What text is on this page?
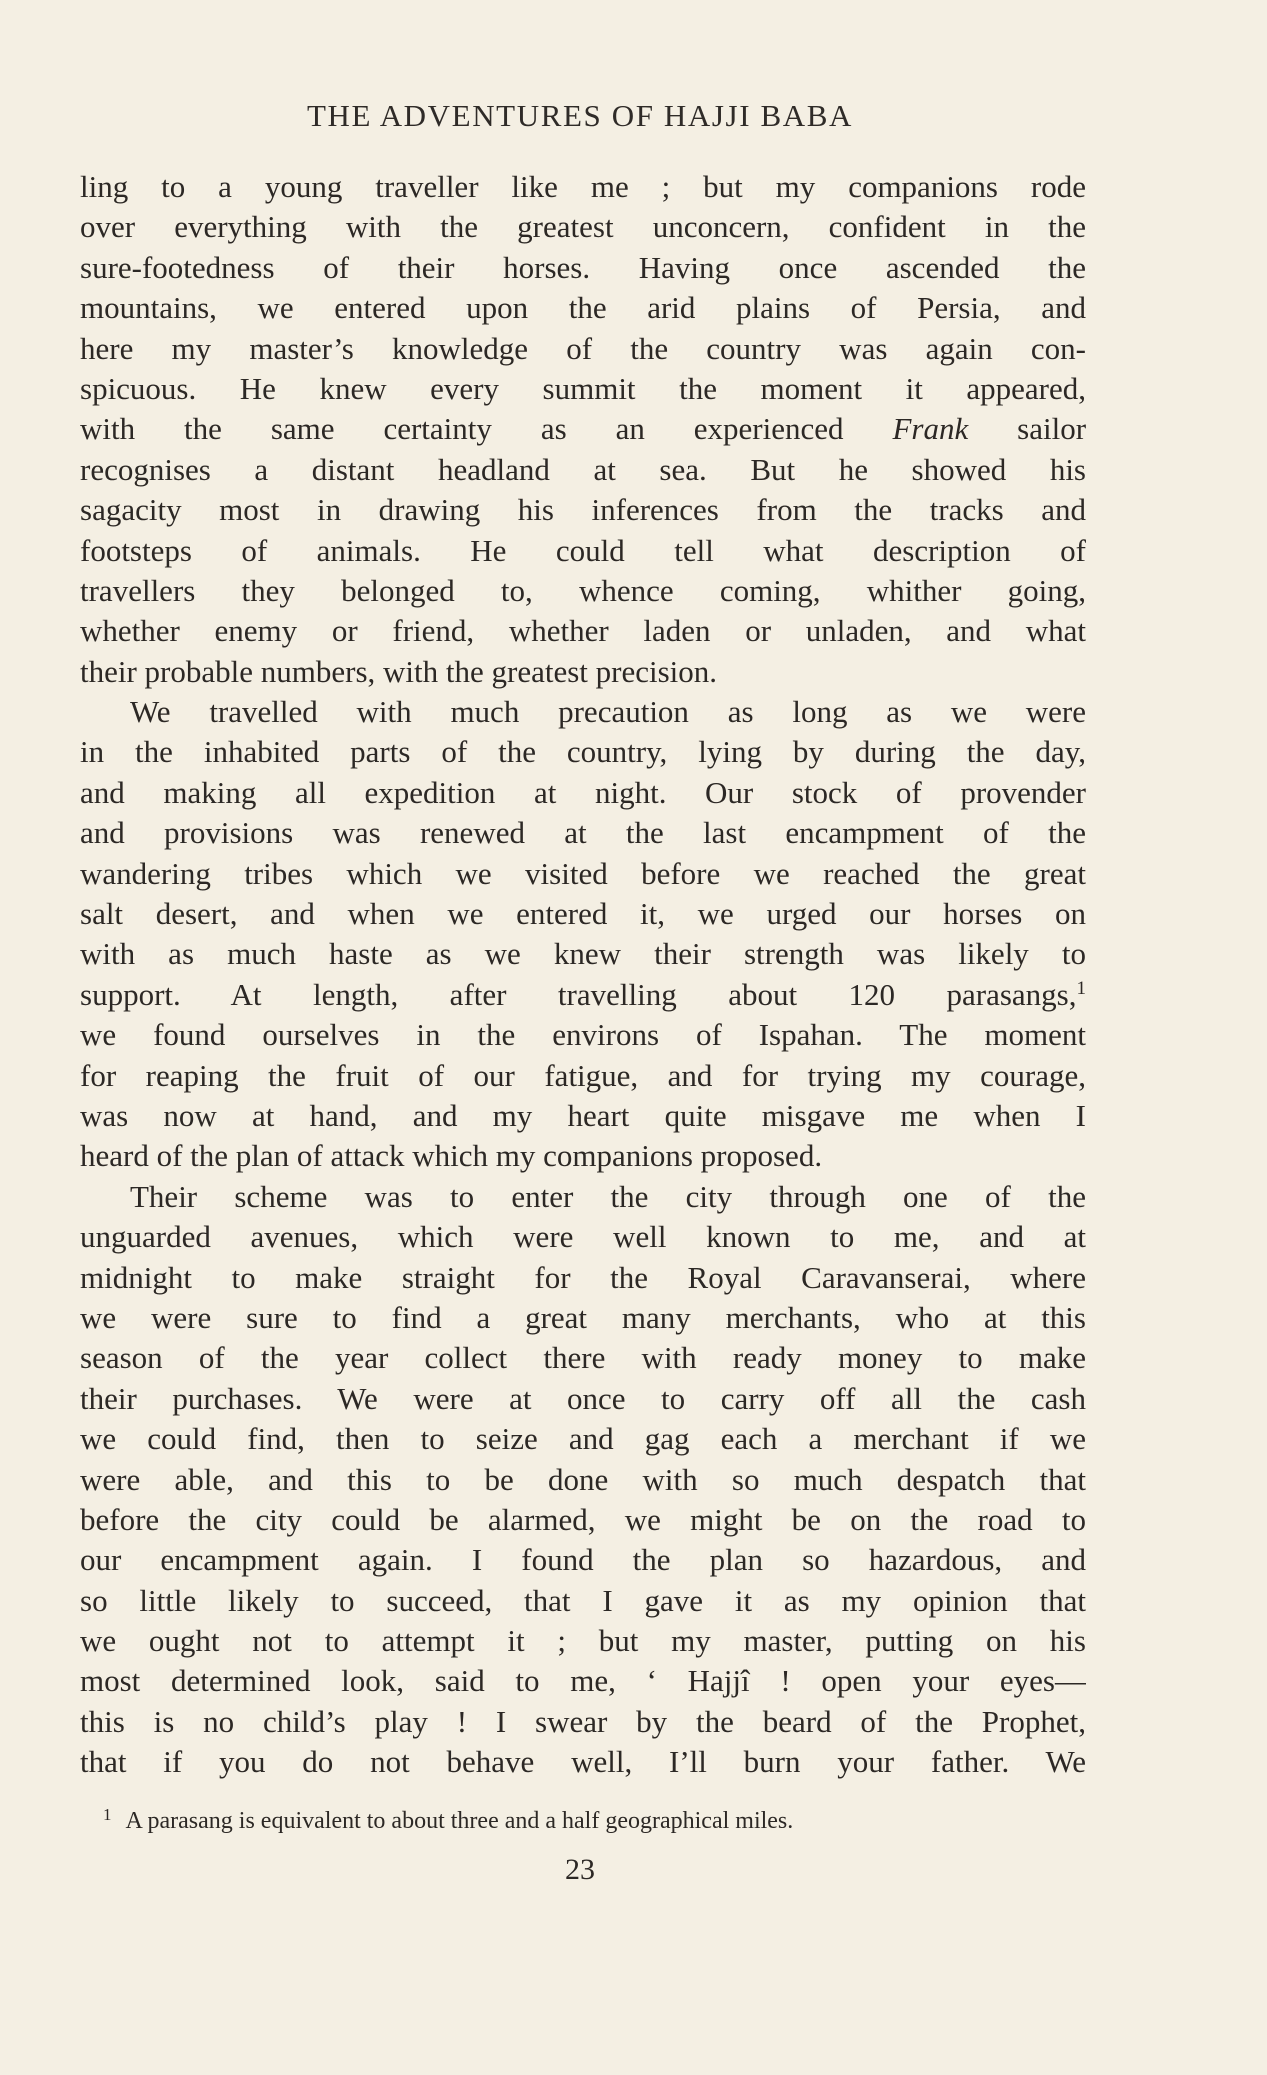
THE ADVENTURES OF HAJJI BABA
ling to a young traveller like me ; but my companions rode
over everything with the greatest unconcern, confident in the
sure-footedness of their horses. Having once ascended the
mountains, we entered upon the arid plains of Persia, and
here my master’s knowledge of the country was again con-
spicuous. He knew every summit the moment it appeared,
with the same certainty as an experienced Frank sailor
recognises a distant headland at sea. But he showed his
sagacity most in drawing his inferences from the tracks and
footsteps of animals. He could tell what description of
travellers they belonged to, whence coming, whither going,
whether enemy or friend, whether laden or unladen, and what
their probable numbers, with the greatest precision.
We travelled with much precaution as long as we were
in the inhabited parts of the country, lying by during the day,
and making all expedition at night. Our stock of provender
and provisions was renewed at the last encampment of the
wandering tribes which we visited before we reached the great
salt desert, and when we entered it, we urged our horses on
with as much haste as we knew their strength was likely to
support. At length, after travelling about 120 parasangs,$^1$
we found ourselves in the environs of Ispahan. The moment
for reaping the fruit of our fatigue, and for trying my courage,
was now at hand, and my heart quite misgave me when I
heard of the plan of attack which my companions proposed.
Their scheme was to enter the city through one of the
unguarded avenues, which were well known to me, and at
midnight to make straight for the Royal Caravanserai, where
we were sure to find a great many merchants, who at this
season of the year collect there with ready money to make
their purchases. We were at once to carry off all the cash
we could find, then to seize and gag each a merchant if we
were able, and this to be done with so much despatch that
before the city could be alarmed, we might be on the road to
our encampment again. I found the plan so hazardous, and
so little likely to succeed, that I gave it as my opinion that
we ought not to attempt it ; but my master, putting on his
most determined look, said to me, ‘ Hajjî ! open your eyes—
this is no child’s play ! I swear by the beard of the Prophet,
that if you do not behave well, I’ll burn your father. We
$^1$ A parasang is equivalent to about three and a half geographical miles.
23
